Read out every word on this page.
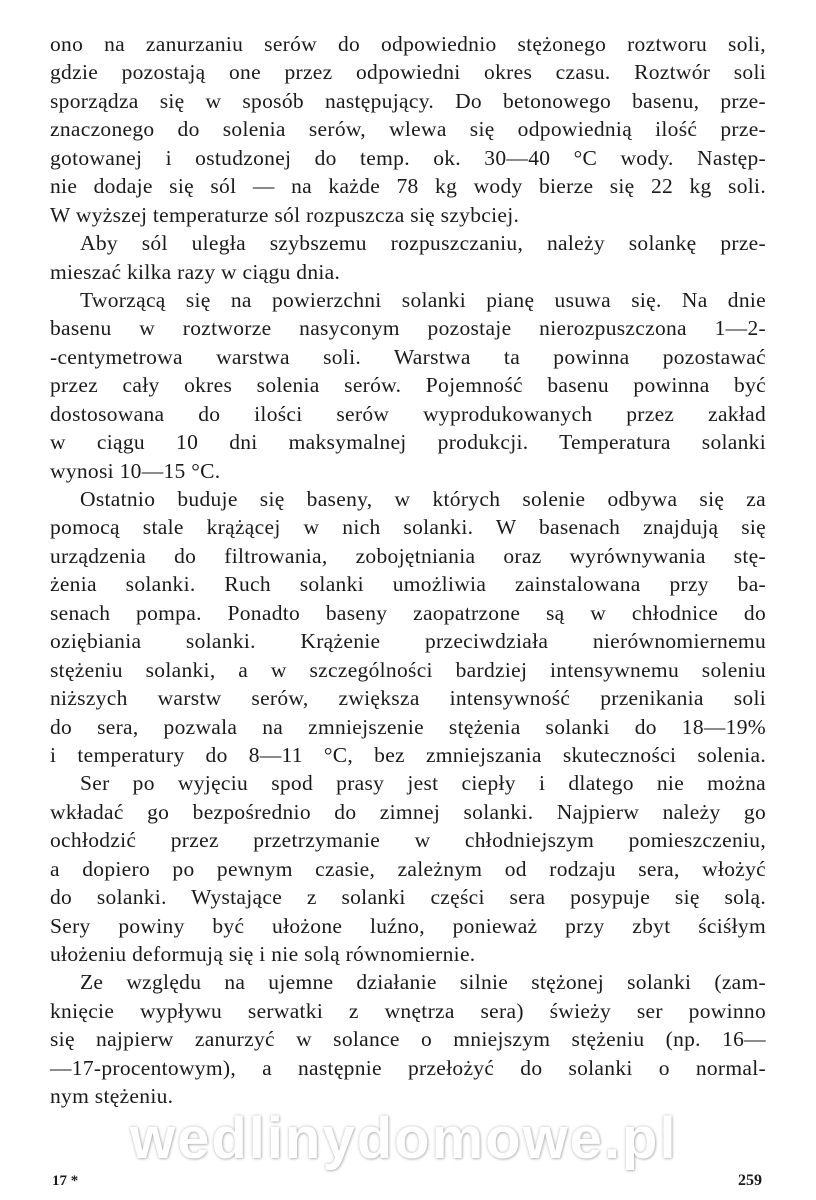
ono na zanurzaniu serów do odpowiednio stężonego roztworu soli,
gdzie pozostają one przez odpowiedni okres czasu. Roztwór soli
sporządza się w sposób następujący. Do betonowego basenu, prze-
znaczonego do solenia serów, wlewa się odpowiednią ilość prze-
gotowanej i ostudzonej do temp. ok. 30—40 °C wody. Następ-
nie dodaje się sól — na każde 78 kg wody bierze się 22 kg soli.
W wyższej temperaturze sól rozpuszcza się szybciej.
Aby sól uległa szybszemu rozpuszczaniu, należy solankę prze-
mieszać kilka razy w ciągu dnia.
Tworzącą się na powierzchni solanki pianę usuwa się. Na dnie
basenu w roztworze nasyconym pozostaje nierozpuszczona 1—2-
-centymetrowa warstwa soli. Warstwa ta powinna pozostawać
przez cały okres solenia serów. Pojemność basenu powinna być
dostosowana do ilości serów wyprodukowanych przez zakład
w ciągu 10 dni maksymalnej produkcji. Temperatura solanki
wynosi 10—15 °C.
Ostatnio buduje się baseny, w których solenie odbywa się za
pomocą stale krążącej w nich solanki. W basenach znajdują się
urządzenia do filtrowania, zobojętniania oraz wyrównywania stę-
żenia solanki. Ruch solanki umożliwia zainstalowana przy ba-
senach pompa. Ponadto baseny zaopatrzone są w chłodnice do
oziębiania solanki. Krążenie przeciwdziała nierównomiernemu
stężeniu solanki, a w szczególności bardziej intensywnemu soleniu
niższych warstw serów, zwiększa intensywność przenikania soli
do sera, pozwala na zmniejszenie stężenia solanki do 18—19%
i temperatury do 8—11 °C, bez zmniejszania skuteczności solenia.
Ser po wyjęciu spod prasy jest ciepły i dlatego nie można
wkładać go bezpośrednio do zimnej solanki. Najpierw należy go
ochłodzić przez przetrzymanie w chłodniejszym pomieszczeniu,
a dopiero po pewnym czasie, zależnym od rodzaju sera, włożyć
do solanki. Wystające z solanki części sera posypuje się solą.
Sery powiny być ułożone luźno, ponieważ przy zbyt ściśłym
ułożeniu deformują się i nie solą równomiernie.
Ze względu na ujemne działanie silnie stężonej solanki (zam-
knięcie wypływu serwatki z wnętrza sera) świeży ser powinno
się najpierw zanurzyć w solance o mniejszym stężeniu (np. 16—
—17-procentowym), a następnie przełożyć do solanki o normal-
nym stężeniu.
wedlinydomowe.pl
17 *	259
